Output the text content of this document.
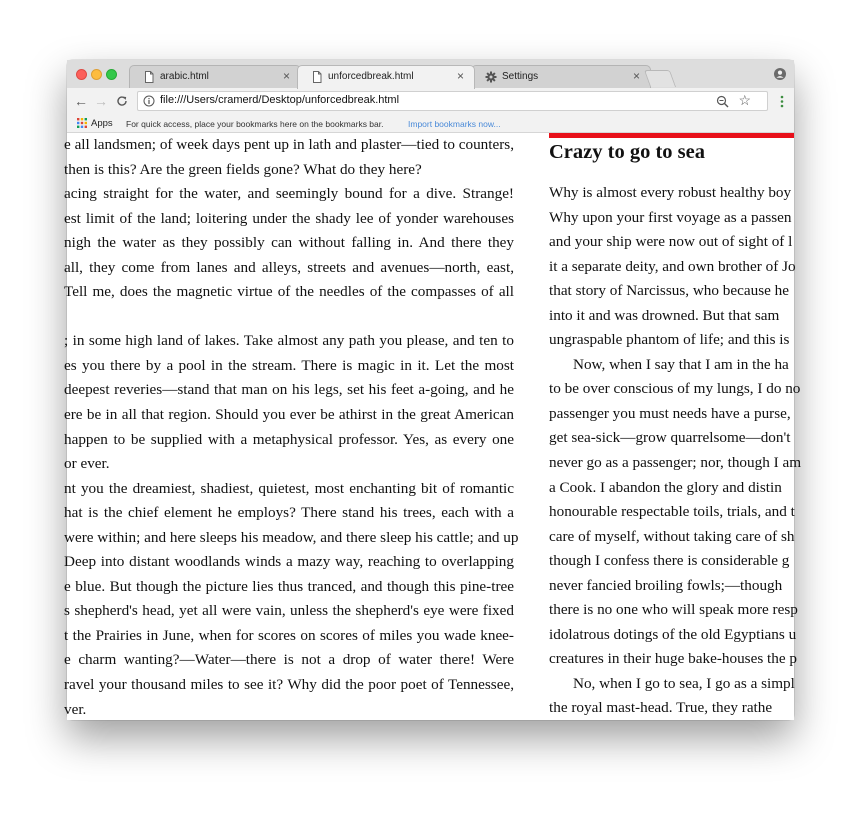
arabic.html	×	unforcedbreak.html	×	Settings	×
← →	file:///Users/cramerd/Desktop/unforcedbreak.html	☆
Apps For quick access, place your bookmarks here on the bookmarks bar.	Import bookmarks now...
e all landsmen; of week days pent up in lath and plaster—tied to counters,
then is this? Are the green fields gone? What do they here?
acing straight for the water, and seemingly bound for a dive. Strange!
est limit of the land; loitering under the shady lee of yonder warehouses
nigh the water as they possibly can without falling in. And there they
all, they come from lanes and alleys, streets and avenues—north, east,
Tell me, does the magnetic virtue of the needles of the compasses of all
; in some high land of lakes. Take almost any path you please, and ten to
es you there by a pool in the stream. There is magic in it. Let the most
deepest reveries—stand that man on his legs, set his feet a-going, and he
ere be in all that region. Should you ever be athirst in the great American
happen to be supplied with a metaphysical professor. Yes, as every one
or ever.
nt you the dreamiest, shadiest, quietest, most enchanting bit of romantic
hat is the chief element he employs? There stand his trees, each with a
were within; and here sleeps his meadow, and there sleep his cattle; and up
Deep into distant woodlands winds a mazy way, reaching to overlapping
e blue. But though the picture lies thus tranced, and though this pine-tree
s shepherd's head, yet all were vain, unless the shepherd's eye were fixed
t the Prairies in June, when for scores on scores of miles you wade knee-
e charm wanting?—Water—there is not a drop of water there! Were
ravel your thousand miles to see it? Why did the poor poet of Tennessee,
ver.
Crazy to go to sea
Why is almost every robust healthy boy
Why upon your first voyage as a passen
and your ship were now out of sight of l
it a separate deity, and own brother of Jo
that story of Narcissus, who because he
into it and was drowned. But that sam
ungraspable phantom of life; and this is
Now, when I say that I am in the ha
to be over conscious of my lungs, I do no
passenger you must needs have a purse,
get sea-sick—grow quarrelsome—don't
never go as a passenger; nor, though I am
a Cook. I abandon the glory and distin
honourable respectable toils, trials, and t
care of myself, without taking care of sh
though I confess there is considerable g
never fancied broiling fowls;—though
there is no one who will speak more resp
idolatrous dotings of the old Egyptians u
creatures in their huge bake-houses the p
No, when I go to sea, I go as a simpl
the royal mast-head. True, they rathe
